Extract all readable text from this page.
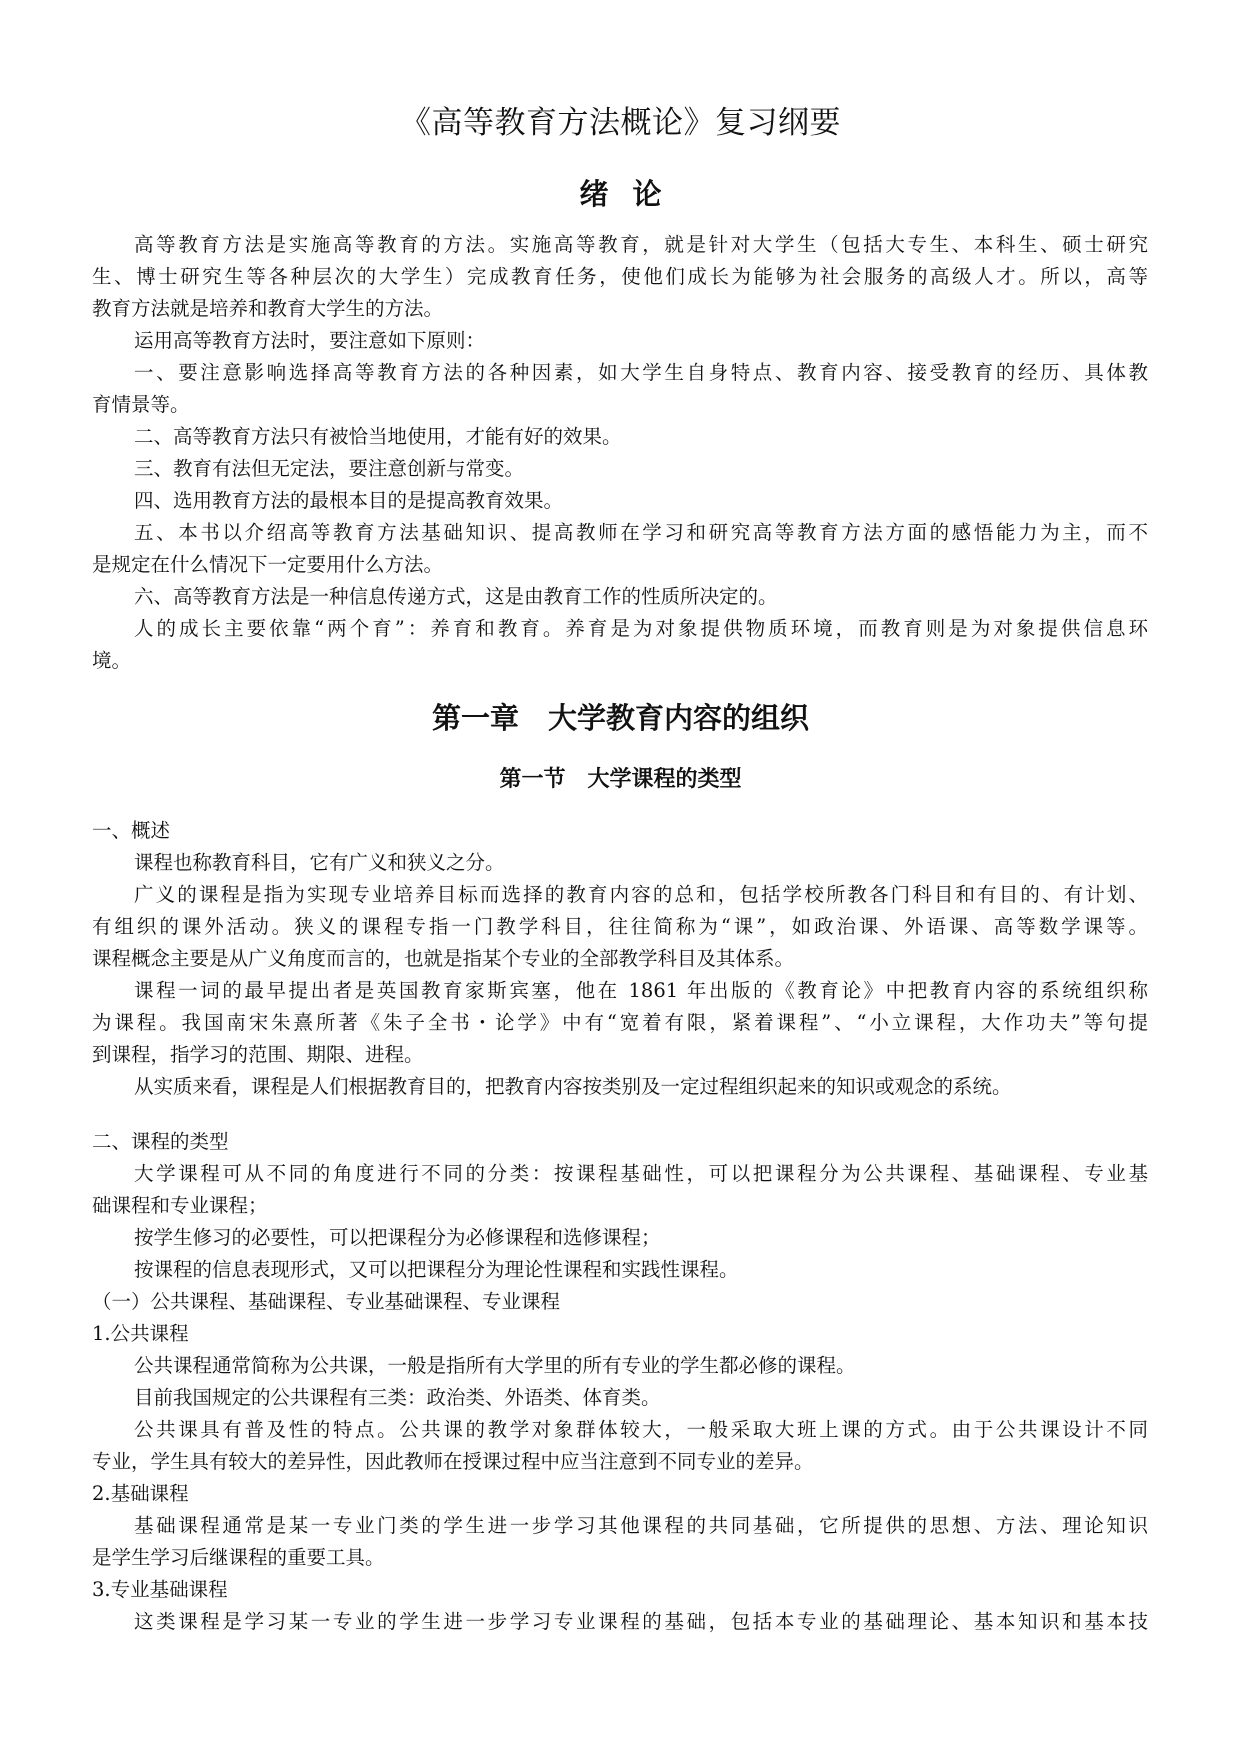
《高等教育方法概论》复习纲要
绪论
高等教育方法是实施高等教育的方法。实施高等教育，就是针对大学生（包括大专生、本科生、硕士研究
生、博士研究生等各种层次的大学生）完成教育任务，使他们成长为能够为社会服务的高级人才。所以，高等
教育方法就是培养和教育大学生的方法。
运用高等教育方法时，要注意如下原则：
一、要注意影响选择高等教育方法的各种因素，如大学生自身特点、教育内容、接受教育的经历、具体教
育情景等。
二、高等教育方法只有被恰当地使用，才能有好的效果。
三、教育有法但无定法，要注意创新与常变。
四、选用教育方法的最根本目的是提高教育效果。
五、本书以介绍高等教育方法基础知识、提高教师在学习和研究高等教育方法方面的感悟能力为主，而不
是规定在什么情况下一定要用什么方法。
六、高等教育方法是一种信息传递方式，这是由教育工作的性质所决定的。
人的成长主要依靠“两个育”：养育和教育。养育是为对象提供物质环境，而教育则是为对象提供信息环
境。
第一章　大学教育内容的组织
第一节　大学课程的类型
一、概述
课程也称教育科目，它有广义和狭义之分。
广义的课程是指为实现专业培养目标而选择的教育内容的总和，包括学校所教各门科目和有目的、有计划、
有组织的课外活动。狭义的课程专指一门教学科目，往往简称为“课”，如政治课、外语课、高等数学课等。
课程概念主要是从广义角度而言的，也就是指某个专业的全部教学科目及其体系。
课程一词的最早提出者是英国教育家斯宾塞，他在 1861 年出版的《教育论》中把教育内容的系统组织称
为课程。我国南宋朱熹所著《朱子全书・论学》中有“宽着有限，紧着课程”、“小立课程，大作功夫”等句提
到课程，指学习的范围、期限、进程。
从实质来看，课程是人们根据教育目的，把教育内容按类别及一定过程组织起来的知识或观念的系统。
二、课程的类型
大学课程可从不同的角度进行不同的分类：按课程基础性，可以把课程分为公共课程、基础课程、专业基
础课程和专业课程；
按学生修习的必要性，可以把课程分为必修课程和选修课程；
按课程的信息表现形式，又可以把课程分为理论性课程和实践性课程。
（一）公共课程、基础课程、专业基础课程、专业课程
1.公共课程
公共课程通常简称为公共课，一般是指所有大学里的所有专业的学生都必修的课程。
目前我国规定的公共课程有三类：政治类、外语类、体育类。
公共课具有普及性的特点。公共课的教学对象群体较大，一般采取大班上课的方式。由于公共课设计不同
专业，学生具有较大的差异性，因此教师在授课过程中应当注意到不同专业的差异。
2.基础课程
基础课程通常是某一专业门类的学生进一步学习其他课程的共同基础，它所提供的思想、方法、理论知识
是学生学习后继课程的重要工具。
3.专业基础课程
这类课程是学习某一专业的学生进一步学习专业课程的基础，包括本专业的基础理论、基本知识和基本技
